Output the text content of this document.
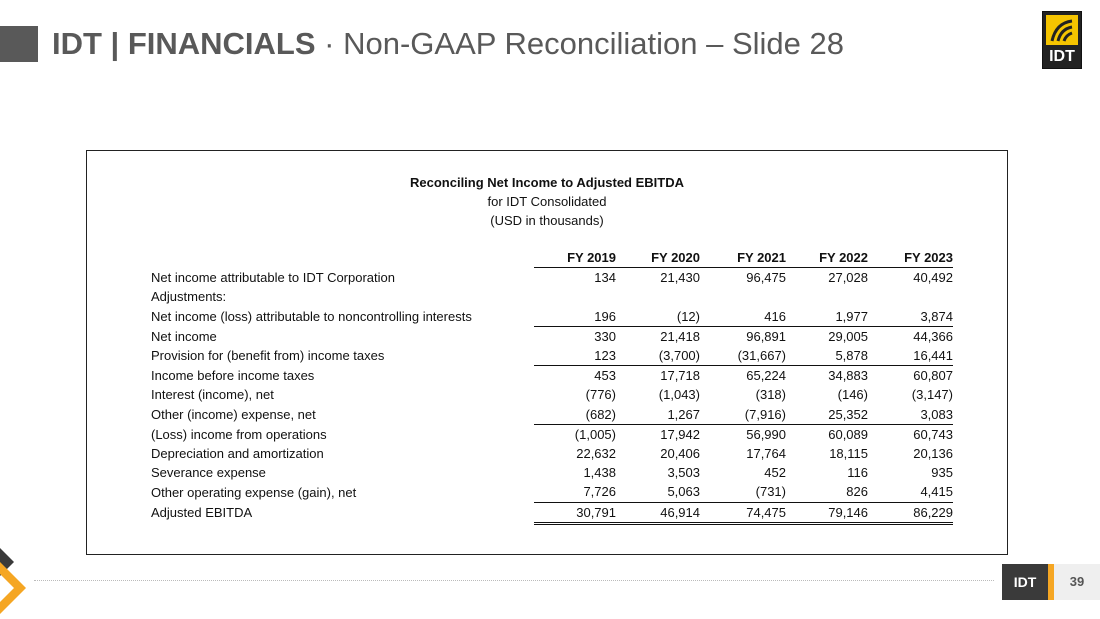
IDT | FINANCIALS · Non-GAAP Reconciliation – Slide 28	IDT
Reconciling Net Income to Adjusted EBITDA
for IDT Consolidated
(USD in thousands)
	FY 2019	FY 2020	FY 2021	FY 2022	FY 2023
Net income attributable to IDT Corporation	134	21,430	96,475	27,028	40,492
Adjustments:					
Net income (loss) attributable to noncontrolling interests	196	(12)	416	1,977	3,874
Net income	330	21,418	96,891	29,005	44,366
Provision for (benefit from) income taxes	123	(3,700)	(31,667)	5,878	16,441
Income before income taxes	453	17,718	65,224	34,883	60,807
Interest (income), net	(776)	(1,043)	(318)	(146)	(3,147)
Other (income) expense, net	(682)	1,267	(7,916)	25,352	3,083
(Loss) income from operations	(1,005)	17,942	56,990	60,089	60,743
Depreciation and amortization	22,632	20,406	17,764	18,115	20,136
Severance expense	1,438	3,503	452	116	935
Other operating expense (gain), net	7,726	5,063	(731)	826	4,415
Adjusted EBITDA	30,791	46,914	74,475	79,146	86,229
IDT	39
